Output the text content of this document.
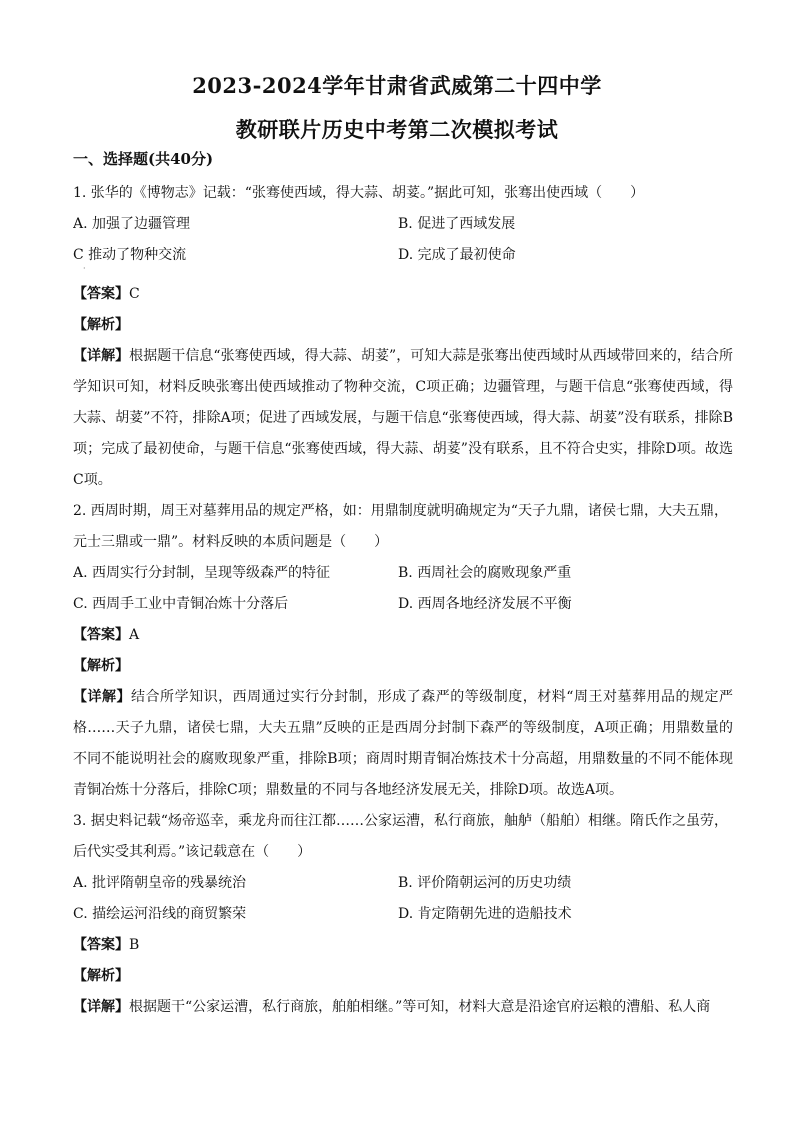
2023-2024学年甘肃省武威第二十四中学
教研联片历史中考第二次模拟考试
一、选择题(共40分)

1. 张华的《博物志》记载：“张骞使西域，得大蒜、胡荽。”据此可知，张骞出使西域（　　）

A. 加强了边疆管理	B. 促进了西域发展
C 推动了物种交流	D. 完成了最初使命
·

【答案】C

【解析】

【详解】根据题干信息“张骞使西域，得大蒜、胡荽”，可知大蒜是张骞出使西域时从西域带回来的，结合所学知识可知，材料反映张骞出使西域推动了物种交流，C项正确；边疆管理，与题干信息“张骞使西域，得大蒜、胡荽”不符，排除A项；促进了西域发展，与题干信息“张骞使西域，得大蒜、胡荽”没有联系，排除B项；完成了最初使命，与题干信息“张骞使西域，得大蒜、胡荽”没有联系，且不符合史实，排除D项。故选C项。

2. 西周时期，周王对墓葬用品的规定严格，如：用鼎制度就明确规定为“天子九鼎，诸侯七鼎，大夫五鼎，元士三鼎或一鼎”。材料反映的本质问题是（　　）

A. 西周实行分封制，呈现等级森严的特征	B. 西周社会的腐败现象严重
C. 西周手工业中青铜冶炼十分落后	D. 西周各地经济发展不平衡

【答案】A

【解析】

【详解】结合所学知识，西周通过实行分封制，形成了森严的等级制度，材料“周王对墓葬用品的规定严格……天子九鼎，诸侯七鼎，大夫五鼎”反映的正是西周分封制下森严的等级制度，A项正确；用鼎数量的不同不能说明社会的腐败现象严重，排除B项；商周时期青铜冶炼技术十分高超，用鼎数量的不同不能体现青铜冶炼十分落后，排除C项；鼎数量的不同与各地经济发展无关，排除D项。故选A项。

3. 据史料记载“炀帝巡幸，乘龙舟而往江都……公家运漕，私行商旅，舳舻（船舶）相继。隋氏作之虽劳，后代实受其利焉。”该记载意在（　　）

A. 批评隋朝皇帝的残暴统治	B. 评价隋朝运河的历史功绩
C. 描绘运河沿线的商贸繁荣	D. 肯定隋朝先进的造船技术

【答案】B

【解析】

【详解】根据题干“公家运漕，私行商旅，舶舶相继。”等可知，材料大意是沿途官府运粮的漕船、私人商
